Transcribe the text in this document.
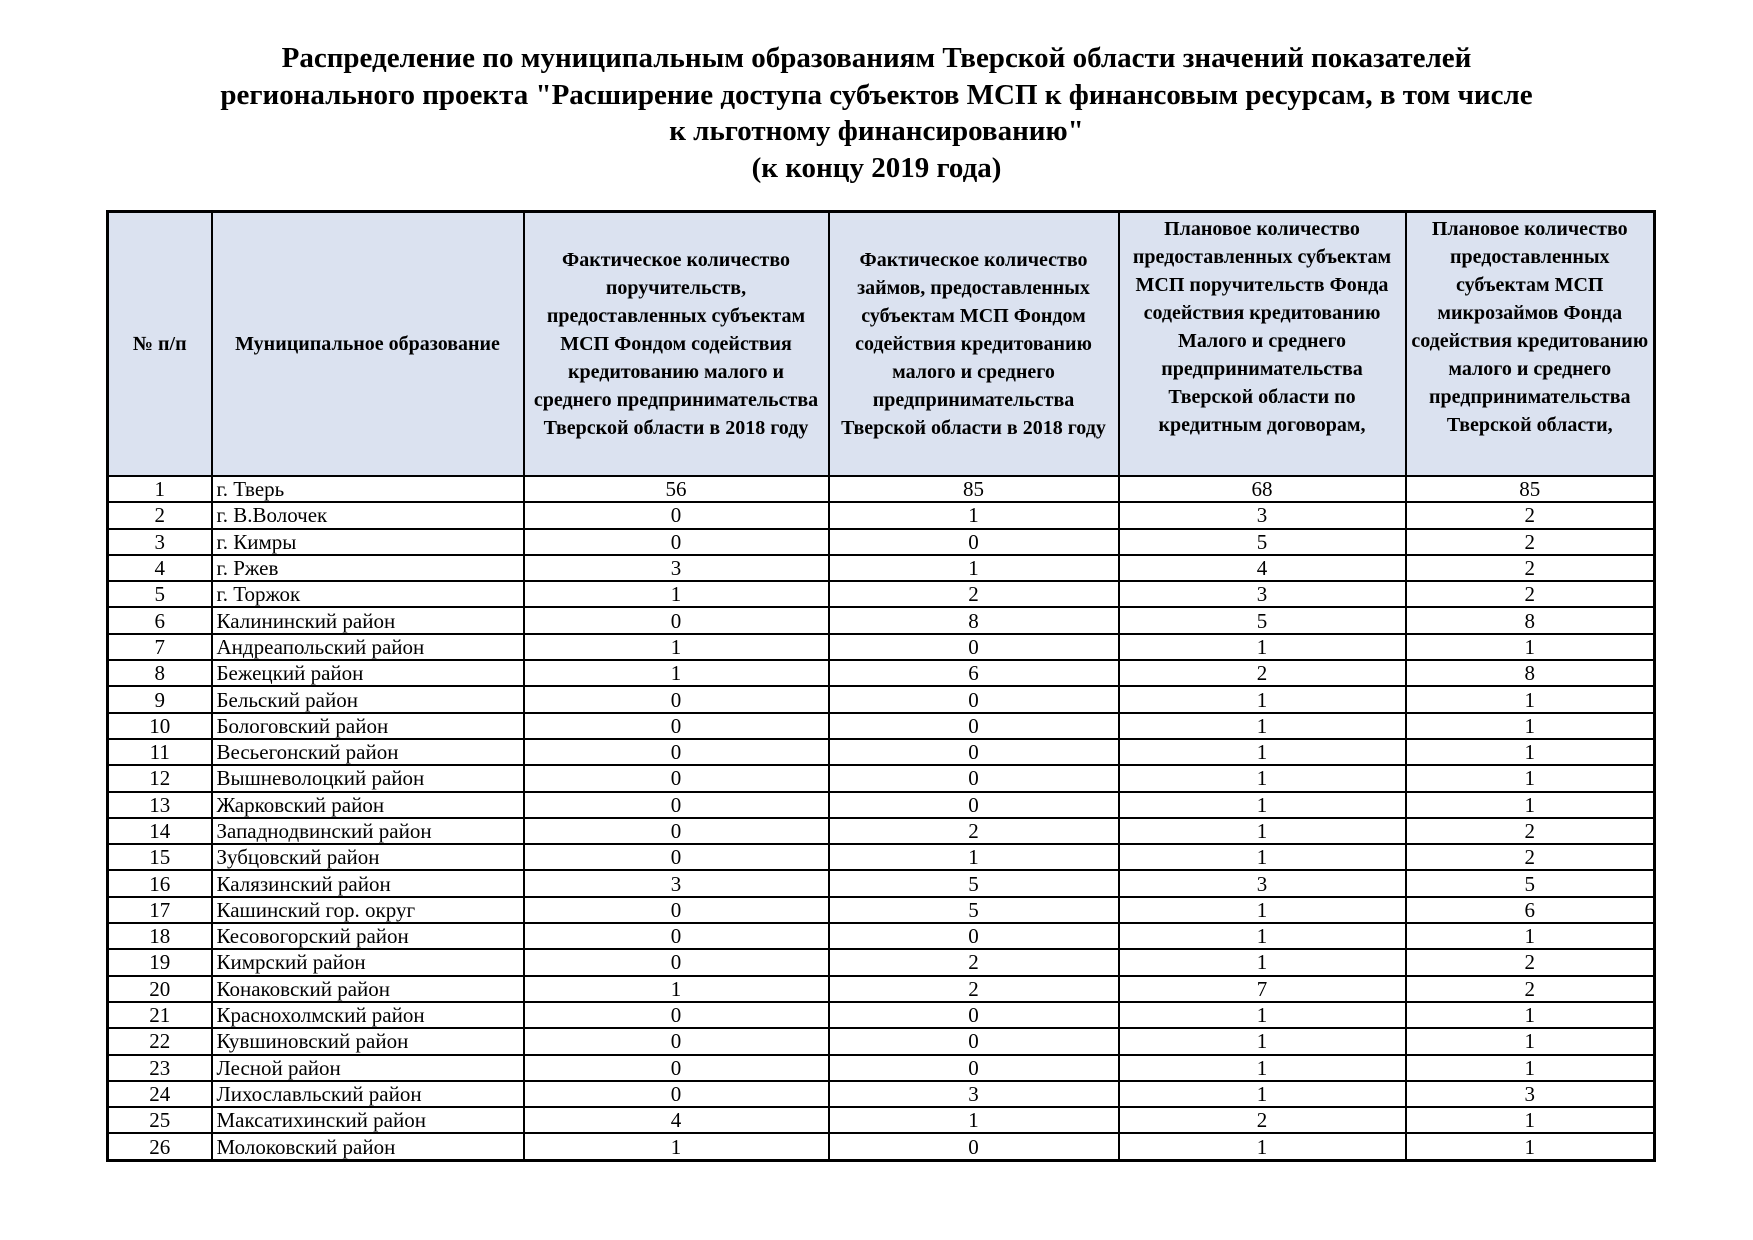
Распределение по муниципальным образованиям Тверской области значений показателей
регионального проекта "Расширение доступа субъектов МСП к финансовым ресурсам, в том числе
к льготному финансированию"
(к концу 2019 года)
№ п/п	Муниципальное образование	Фактическое количество поручительств, предоставленных субъектам МСП Фондом содействия кредитованию малого и среднего предпринимательства Тверской области в 2018 году	Фактическое количество займов, предоставленных субъектам МСП Фондом содействия кредитованию малого и среднего предпринимательства Тверской области в 2018 году	Плановое количество предоставленных субъектам МСП поручительств Фонда содействия кредитованию Малого и среднего предпринимательства Тверской области по кредитным договорам,	Плановое количество предоставленных субъектам МСП микрозаймов Фонда содействия кредитованию малого и среднего предпринимательства Тверской области,

1	г. Тверь	56	85	68	85
2	г. В.Волочек	0	1	3	2
3	г. Кимры	0	0	5	2
4	г. Ржев	3	1	4	2
5	г. Торжок	1	2	3	2
6	Калининский район	0	8	5	8
7	Андреапольский район	1	0	1	1
8	Бежецкий район	1	6	2	8
9	Бельский район	0	0	1	1
10	Бологовский район	0	0	1	1
11	Весьегонский район	0	0	1	1
12	Вышневолоцкий район	0	0	1	1
13	Жарковский район	0	0	1	1
14	Западнодвинский район	0	2	1	2
15	Зубцовский район	0	1	1	2
16	Калязинский район	3	5	3	5
17	Кашинский гор. округ	0	5	1	6
18	Кесовогорский район	0	0	1	1
19	Кимрский район	0	2	1	2
20	Конаковский район	1	2	7	2
21	Краснохолмский район	0	0	1	1
22	Кувшиновский район	0	0	1	1
23	Лесной район	0	0	1	1
24	Лихославльский район	0	3	1	3
25	Максатихинский район	4	1	2	1
26	Молоковский район	1	0	1	1
